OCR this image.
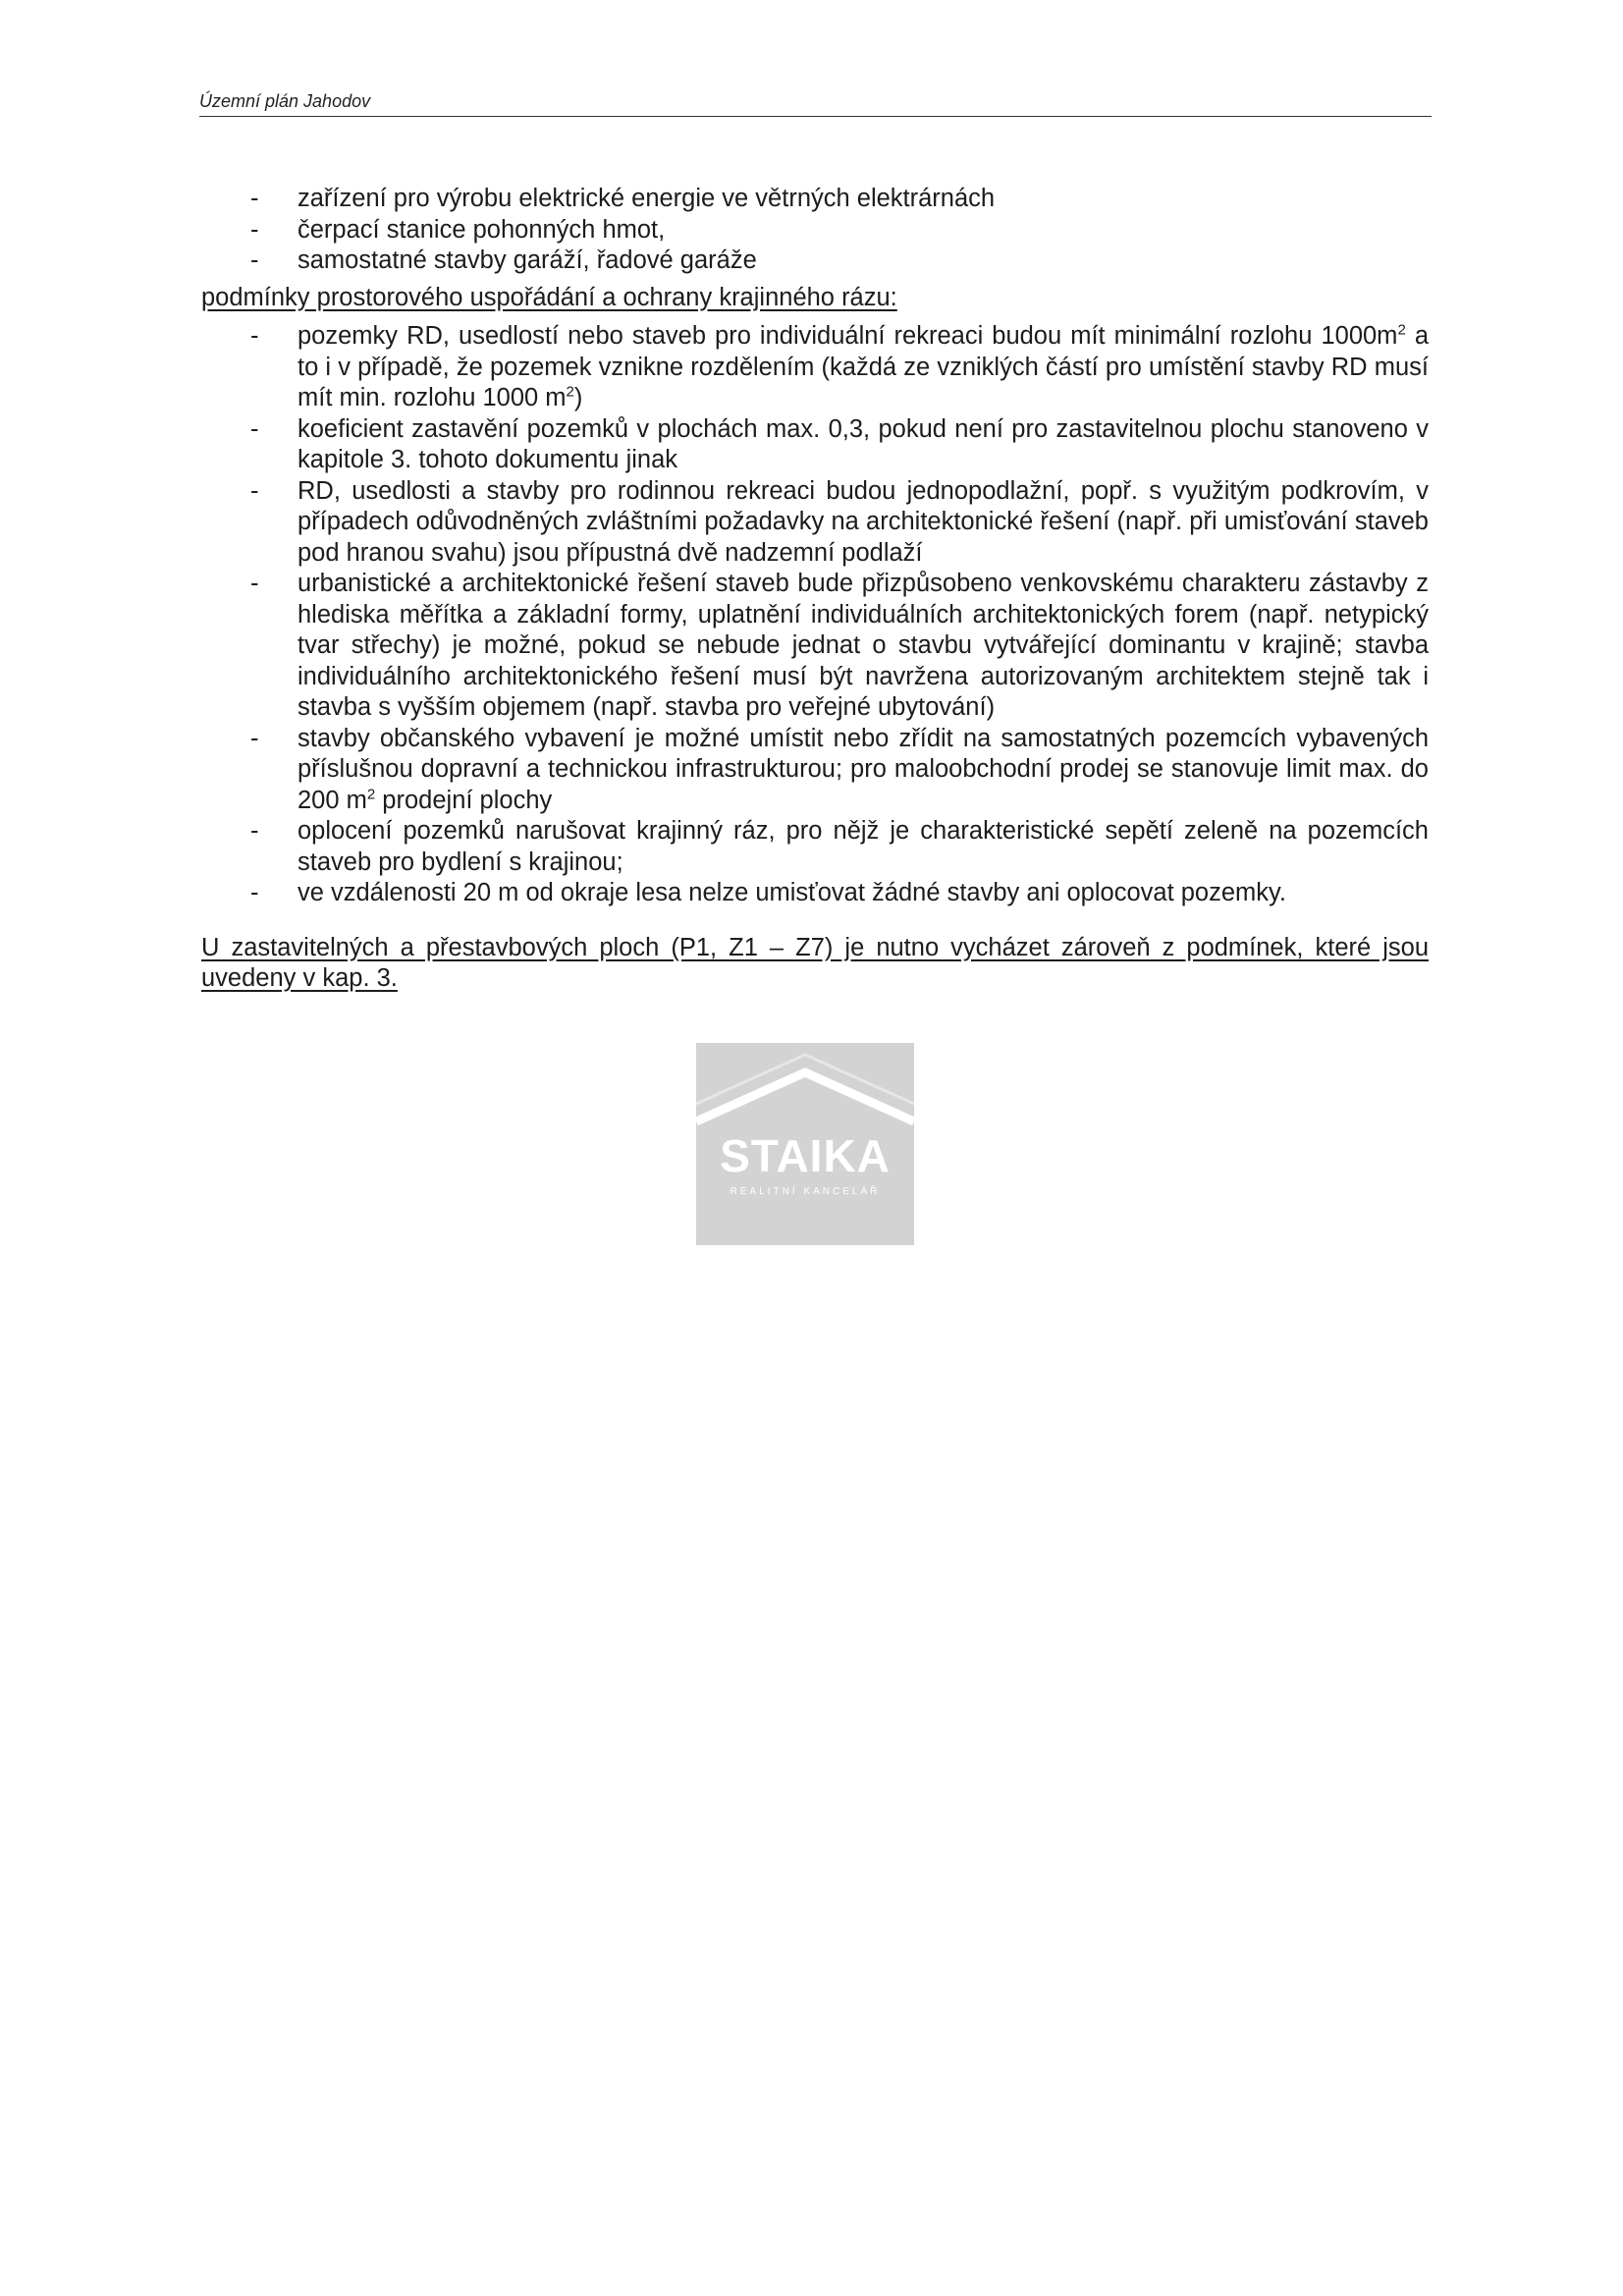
Územní plán Jahodov
- zařízení pro výrobu elektrické energie ve větrných elektrárnách
- čerpací stanice pohonných hmot,
- samostatné stavby garáží, řadové garáže
podmínky prostorového uspořádání a ochrany krajinného rázu:
- pozemky RD, usedlostí nebo staveb pro individuální rekreaci budou mít minimální rozlohu $1000m^2$ a to i v případě, že pozemek vznikne rozdělením (každá ze vzniklých částí pro umístění stavby RD musí mít min. rozlohu 1000 $m^2$)
- koeficient zastavění pozemků v plochách max. 0,3, pokud není pro zastavitelnou plochu stanoveno v kapitole 3. tohoto dokumentu jinak
- RD, usedlosti a stavby pro rodinnou rekreaci budou jednopodlažní, popř. s využitým podkrovím, v případech odůvodněných zvláštními požadavky na architektonické řešení (např. při umisťování staveb pod hranou svahu) jsou přípustná dvě nadzemní podlaží
- urbanistické a architektonické řešení staveb bude přizpůsobeno venkovskému charakteru zástavby z hlediska měřítka a základní formy, uplatnění individuálních architektonických forem (např. netypický tvar střechy) je možné, pokud se nebude jednat o stavbu vytvářející dominantu v krajině; stavba individuálního architektonického řešení musí být navržena autorizovaným architektem stejně tak i stavba s vyšším objemem (např. stavba pro veřejné ubytování)
- stavby občanského vybavení je možné umístit nebo zřídit na samostatných pozemcích vybavených příslušnou dopravní a technickou infrastrukturou; pro maloobchodní prodej se stanovuje limit max. do 200 $m^2$ prodejní plochy
- oplocení pozemků narušovat krajinný ráz, pro nějž je charakteristické sepětí zeleně na pozemcích staveb pro bydlení s krajinou;
- ve vzdálenosti 20 m od okraje lesa nelze umisťovat žádné stavby ani oplocovat pozemky.
U zastavitelných a přestavbových ploch (P1, Z1 – Z7) je nutno vycházet zároveň z podmínek, které jsou uvedeny v kap. 3.
STAIKA
REALITNÍ KANCELÁŘ
